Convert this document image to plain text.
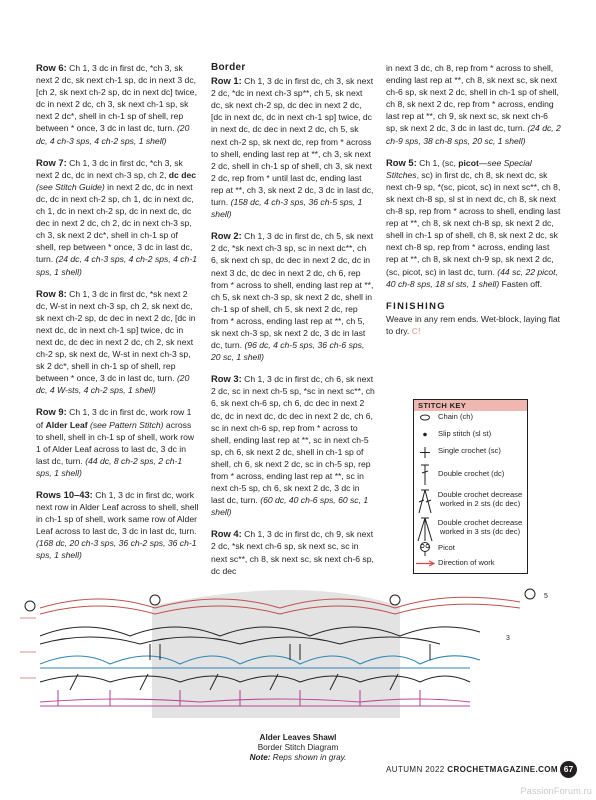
Row 6: Ch 1, 3 dc in first dc, *ch 3, sk next 2 dc, sk next ch-1 sp, dc in next 3 dc, [ch 2, sk next ch-2 sp, dc in next dc] twice, dc in next 2 dc, ch 3, sk next ch-1 sp, sk next 2 dc*, shell in ch-1 sp of shell, rep between * once, 3 dc in last dc, turn. (20 dc, 4 ch-3 sps, 4 ch-2 sps, 1 shell)

Row 7: Ch 1, 3 dc in first dc, *ch 3, sk next 2 dc, dc in next ch-3 sp, ch 2, dc dec (see Stitch Guide) in next 2 dc, dc in next dc, dc in next ch-2 sp, ch 1, dc in next dc, ch 1, dc in next ch-2 sp, dc in next dc, dc dec in next 2 dc, ch 2, dc in next ch-3 sp, ch 3, sk next 2 dc*, shell in ch-1 sp of shell, rep between * once, 3 dc in last dc, turn. (24 dc, 4 ch-3 sps, 4 ch-2 sps, 4 ch-1 sps, 1 shell)

Row 8: Ch 1, 3 dc in first dc, *sk next 2 dc, W-st in next ch-3 sp, ch 2, sk next dc, sk next ch-2 sp, dc dec in next 2 dc, [dc in next dc, dc in next ch-1 sp] twice, dc in next dc, dc dec in next 2 dc, ch 2, sk next ch-2 sp, sk next dc, W-st in next ch-3 sp, sk 2 dc*, shell in ch-1 sp of shell, rep between * once, 3 dc in last dc, turn. (20 dc, 4 W-sts, 4 ch-2 sps, 1 shell)

Row 9: Ch 1, 3 dc in first dc, work row 1 of Alder Leaf (see Pattern Stitch) across to shell, shell in ch-1 sp of shell, work row 1 of Alder Leaf across to last dc, 3 dc in last dc, turn. (44 dc, 8 ch-2 sps, 2 ch-1 sps, 1 shell)

Rows 10–43: Ch 1, 3 dc in first dc, work next row in Alder Leaf across to shell, shell in ch-1 sp of shell, work same row of Alder Leaf across to last dc, 3 dc in last dc, turn. (168 dc, 20 ch-3 sps, 36 ch-2 sps, 36 ch-1 sps, 1 shell)

Border

Row 1: Ch 1, 3 dc in first dc, ch 3, sk next 2 dc, *dc in next ch-3 sp**, ch 5, sk next dc, sk next ch-2 sp, dc dec in next 2 dc, [dc in next dc, dc in next ch-1 sp] twice, dc in next dc, dc dec in next 2 dc, ch 5, sk next ch-2 sp, sk next dc, rep from * across to shell, ending last rep at **, ch 3, sk next 2 dc, shell in ch-1 sp of shell, ch 3, sk next 2 dc, rep from * until last dc, ending last rep at **, ch 3, sk next 2 dc, 3 dc in last dc, turn. (158 dc, 4 ch-3 sps, 36 ch-5 sps, 1 shell)

Row 2: Ch 1, 3 dc in first dc, ch 5, sk next 2 dc, *sk next ch-3 sp, sc in next dc**, ch 6, sk next ch sp, dc dec in next 2 dc, dc in next 3 dc, dc dec in next 2 dc, ch 6, rep from * across to shell, ending last rep at **, ch 5, sk next ch-3 sp, sk next 2 dc, shell in ch-1 sp of shell, ch 5, sk next 2 dc, rep from * across, ending last rep at **, ch 5, sk next ch-3 sp, sk next 2 dc, 3 dc in last dc, turn. (96 dc, 4 ch-5 sps, 36 ch-6 sps, 20 sc, 1 shell)

Row 3: Ch 1, 3 dc in first dc, ch 6, sk next 2 dc, sc in next ch-5 sp, *sc in next sc**, ch 6, sk next ch-6 sp, ch 6, dc dec in next 2 dc, dc in next dc, dc dec in next 2 dc, ch 6, sc in next ch-6 sp, rep from * across to shell, ending last rep at **, sc in next ch-5 sp, ch 6, sk next 2 dc, shell in ch-1 sp of shell, ch 6, sk next 2 dc, sc in ch-5 sp, rep from * across, ending last rep at **, sc in next ch-5 sp, ch 6, sk next 2 dc, 3 dc in last dc, turn. (60 dc, 40 ch-6 sps, 60 sc, 1 shell)

Row 4: Ch 1, 3 dc in first dc, ch 9, sk next 2 dc, *sk next ch-6 sp, sk next sc, sc in next sc**, ch 8, sk next sc, sk next ch-6 sp, dc dec

in next 3 dc, ch 8, rep from * across to shell, ending last rep at **, ch 8, sk next sc, sk next ch-6 sp, sk next 2 dc, shell in ch-1 sp of shell, ch 8, sk next 2 dc, rep from * across, ending last rep at **, ch 9, sk next sc, sk next ch-6 sp, sk next 2 dc, 3 dc in last dc, turn. (24 dc, 2 ch-9 sps, 38 ch-8 sps, 20 sc, 1 shell)

Row 5: Ch 1, (sc, picot—see Special Stitches, sc) in first dc, ch 8, sk next dc, sk next ch-9 sp, *(sc, picot, sc) in next sc**, ch 8, sk next ch-8 sp, sl st in next dc, ch 8, sk next ch-8 sp, rep from * across to shell, ending last rep at **, ch 8, sk next ch-8 sp, sk next 2 dc, shell in ch-1 sp of shell, ch 8, sk next 2 dc, sk next ch-8 sp, rep from * across, ending last rep at **, ch 8, sk next ch-9 sp, sk next 2 dc, (sc, picot, sc) in last dc, turn. (44 sc, 22 picot, 40 ch-8 sps, 18 sl sts, 1 shell) Fasten off.

FINISHING

Weave in any rem ends. Wet-block, laying flat to dry. C!

STITCH KEY
Chain (ch)
Slip stitch (sl st)
Single crochet (sc)
Double crochet (dc)
Double crochet decrease worked in 2 sts (dc dec)
Double crochet decrease worked in 3 sts (dc dec)
Picot
Direction of work
5
3
Alder Leaves Shawl
Border Stitch Diagram
Note: Reps shown in gray.
AUTUMN 2022 CROCHETMAGAZINE.COM 67
PassionForum.ru
